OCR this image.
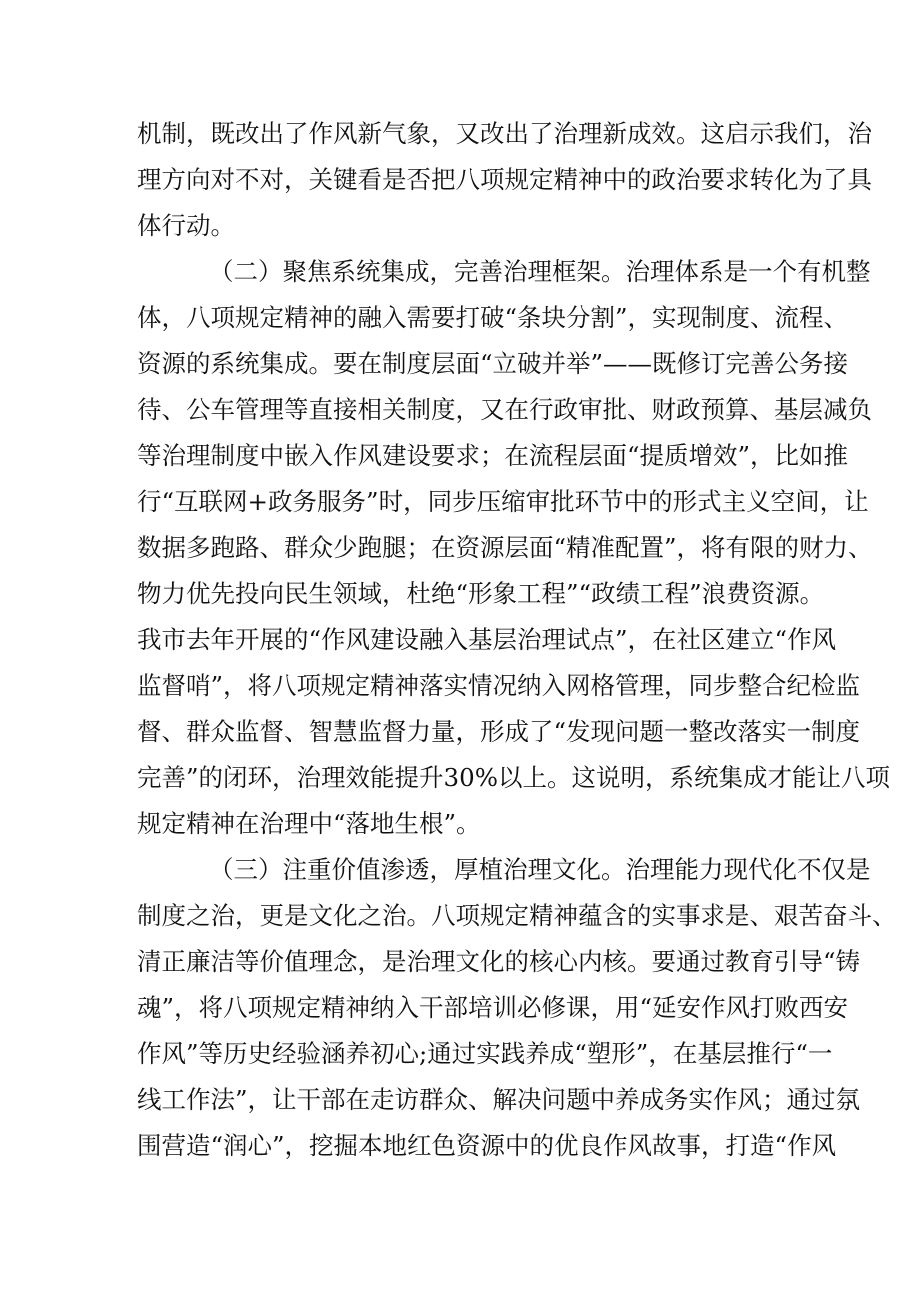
机制，既改出了作风新气象，又改出了治理新成效。这启示我们，治
理方向对不对，关键看是否把八项规定精神中的政治要求转化为了具
体行动。
（二）聚焦系统集成，完善治理框架。治理体系是一个有机整
体，八项规定精神的融入需要打破“条块分割”，实现制度、流程、
资源的系统集成。要在制度层面“立破并举”——既修订完善公务接
待、公车管理等直接相关制度，又在行政审批、财政预算、基层减负
等治理制度中嵌入作风建设要求；在流程层面“提质增效”，比如推
行“互联网+政务服务”时，同步压缩审批环节中的形式主义空间，让
数据多跑路、群众少跑腿；在资源层面“精准配置”，将有限的财力、
物力优先投向民生领域，杜绝“形象工程”“政绩工程”浪费资源。
我市去年开展的“作风建设融入基层治理试点”，在社区建立“作风
监督哨”，将八项规定精神落实情况纳入网格管理，同步整合纪检监
督、群众监督、智慧监督力量，形成了“发现问题一整改落实一制度
完善”的闭环，治理效能提升30%以上。这说明，系统集成才能让八项
规定精神在治理中“落地生根”。
（三）注重价值渗透，厚植治理文化。治理能力现代化不仅是
制度之治，更是文化之治。八项规定精神蕴含的实事求是、艰苦奋斗、
清正廉洁等价值理念，是治理文化的核心内核。要通过教育引导“铸
魂”，将八项规定精神纳入干部培训必修课，用“延安作风打败西安
作风”等历史经验涵养初心;通过实践养成“塑形”，在基层推行“一
线工作法”，让干部在走访群众、解决问题中养成务实作风；通过氛
围营造“润心”，挖掘本地红色资源中的优良作风故事，打造“作风
